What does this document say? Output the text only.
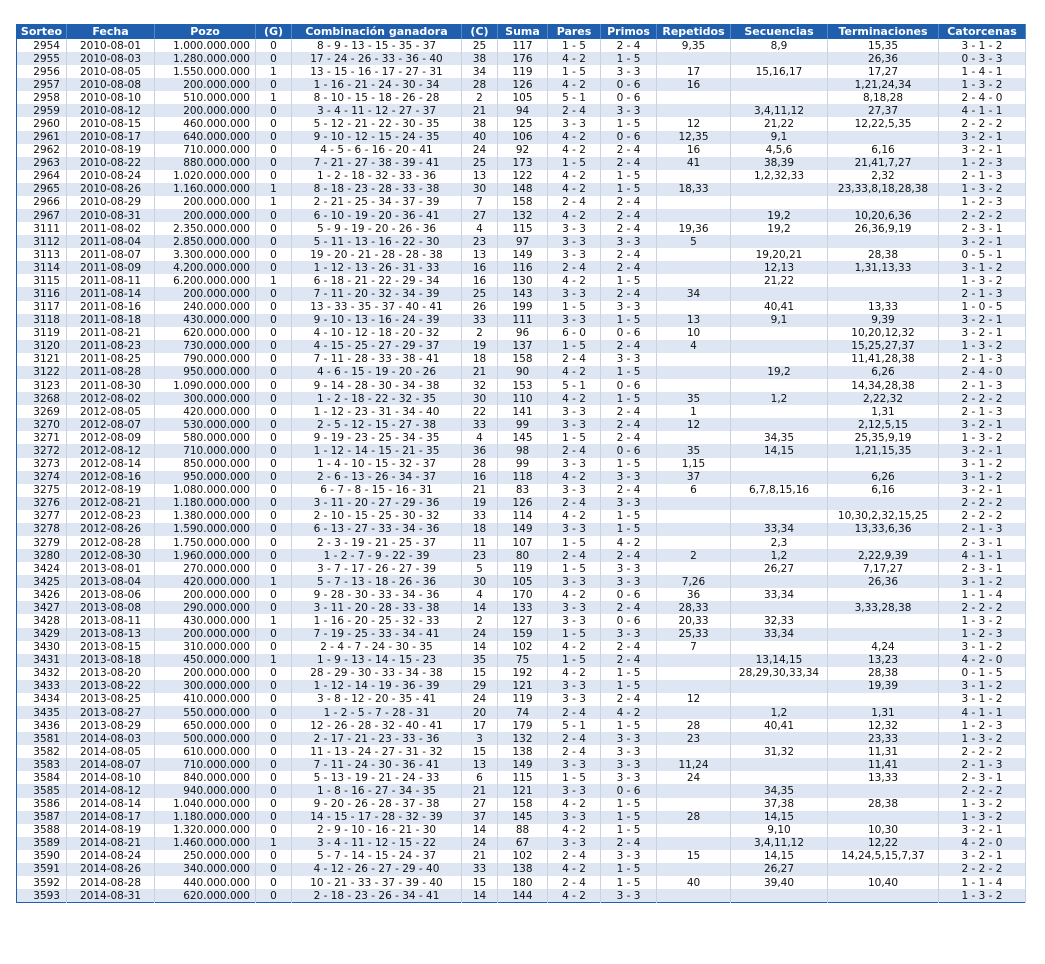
Sorteo	Fecha	Pozo	(G)	Combinación ganadora	(C)	Suma	Pares	Primos	Repetidos	Secuencias	Terminaciones	Catorcenas
2954	2010-08-01	1.000.000.000	0	8 - 9 - 13 - 15 - 35 - 37	25	117	1 - 5	2 - 4	9,35	8,9	15,35	3 - 1 - 2
2955	2010-08-03	1.280.000.000	0	17 - 24 - 26 - 33 - 36 - 40	38	176	4 - 2	1 - 5			26,36	0 - 3 - 3
2956	2010-08-05	1.550.000.000	1	13 - 15 - 16 - 17 - 27 - 31	34	119	1 - 5	3 - 3	17	15,16,17	17,27	1 - 4 - 1
2957	2010-08-08	200.000.000	0	1 - 16 - 21 - 24 - 30 - 34	28	126	4 - 2	0 - 6	16		1,21,24,34	1 - 3 - 2
2958	2010-08-10	510.000.000	1	8 - 10 - 15 - 18 - 26 - 28	2	105	5 - 1	0 - 6			8,18,28	2 - 4 - 0
2959	2010-08-12	200.000.000	0	3 - 4 - 11 - 12 - 27 - 37	21	94	2 - 4	3 - 3		3,4,11,12	27,37	4 - 1 - 1
2960	2010-08-15	460.000.000	0	5 - 12 - 21 - 22 - 30 - 35	38	125	3 - 3	1 - 5	12	21,22	12,22,5,35	2 - 2 - 2
2961	2010-08-17	640.000.000	0	9 - 10 - 12 - 15 - 24 - 35	40	106	4 - 2	0 - 6	12,35	9,1		3 - 2 - 1
2962	2010-08-19	710.000.000	0	4 - 5 - 6 - 16 - 20 - 41	24	92	4 - 2	2 - 4	16	4,5,6	6,16	3 - 2 - 1
2963	2010-08-22	880.000.000	0	7 - 21 - 27 - 38 - 39 - 41	25	173	1 - 5	2 - 4	41	38,39	21,41,7,27	1 - 2 - 3
2964	2010-08-24	1.020.000.000	0	1 - 2 - 18 - 32 - 33 - 36	13	122	4 - 2	1 - 5		1,2,32,33	2,32	2 - 1 - 3
2965	2010-08-26	1.160.000.000	1	8 - 18 - 23 - 28 - 33 - 38	30	148	4 - 2	1 - 5	18,33		23,33,8,18,28,38	1 - 3 - 2
2966	2010-08-29	200.000.000	1	2 - 21 - 25 - 34 - 37 - 39	7	158	2 - 4	2 - 4				1 - 2 - 3
2967	2010-08-31	200.000.000	0	6 - 10 - 19 - 20 - 36 - 41	27	132	4 - 2	2 - 4		19,2	10,20,6,36	2 - 2 - 2
3111	2011-08-02	2.350.000.000	0	5 - 9 - 19 - 20 - 26 - 36	4	115	3 - 3	2 - 4	19,36	19,2	26,36,9,19	2 - 3 - 1
3112	2011-08-04	2.850.000.000	0	5 - 11 - 13 - 16 - 22 - 30	23	97	3 - 3	3 - 3	5			3 - 2 - 1
3113	2011-08-07	3.300.000.000	0	19 - 20 - 21 - 28 - 28 - 38	13	149	3 - 3	2 - 4		19,20,21	28,38	0 - 5 - 1
3114	2011-08-09	4.200.000.000	0	1 - 12 - 13 - 26 - 31 - 33	16	116	2 - 4	2 - 4		12,13	1,31,13,33	3 - 1 - 2
3115	2011-08-11	6.200.000.000	1	6 - 18 - 21 - 22 - 29 - 34	16	130	4 - 2	1 - 5		21,22		1 - 3 - 2
3116	2011-08-14	200.000.000	0	7 - 11 - 20 - 32 - 34 - 39	25	143	3 - 3	2 - 4	34			2 - 1 - 3
3117	2011-08-16	240.000.000	0	13 - 33 - 35 - 37 - 40 - 41	26	199	1 - 5	3 - 3		40,41	13,33	1 - 0 - 5
3118	2011-08-18	430.000.000	0	9 - 10 - 13 - 16 - 24 - 39	33	111	3 - 3	1 - 5	13	9,1	9,39	3 - 2 - 1
3119	2011-08-21	620.000.000	0	4 - 10 - 12 - 18 - 20 - 32	2	96	6 - 0	0 - 6	10		10,20,12,32	3 - 2 - 1
3120	2011-08-23	730.000.000	0	4 - 15 - 25 - 27 - 29 - 37	19	137	1 - 5	2 - 4	4		15,25,27,37	1 - 3 - 2
3121	2011-08-25	790.000.000	0	7 - 11 - 28 - 33 - 38 - 41	18	158	2 - 4	3 - 3			11,41,28,38	2 - 1 - 3
3122	2011-08-28	950.000.000	0	4 - 6 - 15 - 19 - 20 - 26	21	90	4 - 2	1 - 5		19,2	6,26	2 - 4 - 0
3123	2011-08-30	1.090.000.000	0	9 - 14 - 28 - 30 - 34 - 38	32	153	5 - 1	0 - 6			14,34,28,38	2 - 1 - 3
3268	2012-08-02	300.000.000	0	1 - 2 - 18 - 22 - 32 - 35	30	110	4 - 2	1 - 5	35	1,2	2,22,32	2 - 2 - 2
3269	2012-08-05	420.000.000	0	1 - 12 - 23 - 31 - 34 - 40	22	141	3 - 3	2 - 4	1		1,31	2 - 1 - 3
3270	2012-08-07	530.000.000	0	2 - 5 - 12 - 15 - 27 - 38	33	99	3 - 3	2 - 4	12		2,12,5,15	3 - 2 - 1
3271	2012-08-09	580.000.000	0	9 - 19 - 23 - 25 - 34 - 35	4	145	1 - 5	2 - 4		34,35	25,35,9,19	1 - 3 - 2
3272	2012-08-12	710.000.000	0	1 - 12 - 14 - 15 - 21 - 35	36	98	2 - 4	0 - 6	35	14,15	1,21,15,35	3 - 2 - 1
3273	2012-08-14	850.000.000	0	1 - 4 - 10 - 15 - 32 - 37	28	99	3 - 3	1 - 5	1,15			3 - 1 - 2
3274	2012-08-16	950.000.000	0	2 - 6 - 13 - 26 - 34 - 37	16	118	4 - 2	3 - 3	37		6,26	3 - 1 - 2
3275	2012-08-19	1.080.000.000	0	6 - 7 - 8 - 15 - 16 - 31	21	83	3 - 3	2 - 4	6	6,7,8,15,16	6,16	3 - 2 - 1
3276	2012-08-21	1.180.000.000	0	3 - 11 - 20 - 27 - 29 - 36	19	126	2 - 4	3 - 3				2 - 2 - 2
3277	2012-08-23	1.380.000.000	0	2 - 10 - 15 - 25 - 30 - 32	33	114	4 - 2	1 - 5			10,30,2,32,15,25	2 - 2 - 2
3278	2012-08-26	1.590.000.000	0	6 - 13 - 27 - 33 - 34 - 36	18	149	3 - 3	1 - 5		33,34	13,33,6,36	2 - 1 - 3
3279	2012-08-28	1.750.000.000	0	2 - 3 - 19 - 21 - 25 - 37	11	107	1 - 5	4 - 2		2,3		2 - 3 - 1
3280	2012-08-30	1.960.000.000	0	1 - 2 - 7 - 9 - 22 - 39	23	80	2 - 4	2 - 4	2	1,2	2,22,9,39	4 - 1 - 1
3424	2013-08-01	270.000.000	0	3 - 7 - 17 - 26 - 27 - 39	5	119	1 - 5	3 - 3		26,27	7,17,27	2 - 3 - 1
3425	2013-08-04	420.000.000	1	5 - 7 - 13 - 18 - 26 - 36	30	105	3 - 3	3 - 3	7,26		26,36	3 - 1 - 2
3426	2013-08-06	200.000.000	0	9 - 28 - 30 - 33 - 34 - 36	4	170	4 - 2	0 - 6	36	33,34		1 - 1 - 4
3427	2013-08-08	290.000.000	0	3 - 11 - 20 - 28 - 33 - 38	14	133	3 - 3	2 - 4	28,33		3,33,28,38	2 - 2 - 2
3428	2013-08-11	430.000.000	1	1 - 16 - 20 - 25 - 32 - 33	2	127	3 - 3	0 - 6	20,33	32,33		1 - 3 - 2
3429	2013-08-13	200.000.000	0	7 - 19 - 25 - 33 - 34 - 41	24	159	1 - 5	3 - 3	25,33	33,34		1 - 2 - 3
3430	2013-08-15	310.000.000	0	2 - 4 - 7 - 24 - 30 - 35	14	102	4 - 2	2 - 4	7		4,24	3 - 1 - 2
3431	2013-08-18	450.000.000	1	1 - 9 - 13 - 14 - 15 - 23	35	75	1 - 5	2 - 4		13,14,15	13,23	4 - 2 - 0
3432	2013-08-20	200.000.000	0	28 - 29 - 30 - 33 - 34 - 38	15	192	4 - 2	1 - 5		28,29,30,33,34	28,38	0 - 1 - 5
3433	2013-08-22	300.000.000	0	1 - 12 - 14 - 19 - 36 - 39	29	121	3 - 3	1 - 5			19,39	3 - 1 - 2
3434	2013-08-25	410.000.000	0	3 - 8 - 12 - 20 - 35 - 41	24	119	3 - 3	2 - 4	12			3 - 1 - 2
3435	2013-08-27	550.000.000	0	1 - 2 - 5 - 7 - 28 - 31	20	74	2 - 4	4 - 2		1,2	1,31	4 - 1 - 1
3436	2013-08-29	650.000.000	0	12 - 26 - 28 - 32 - 40 - 41	17	179	5 - 1	1 - 5	28	40,41	12,32	1 - 2 - 3
3581	2014-08-03	500.000.000	0	2 - 17 - 21 - 23 - 33 - 36	3	132	2 - 4	3 - 3	23		23,33	1 - 3 - 2
3582	2014-08-05	610.000.000	0	11 - 13 - 24 - 27 - 31 - 32	15	138	2 - 4	3 - 3		31,32	11,31	2 - 2 - 2
3583	2014-08-07	710.000.000	0	7 - 11 - 24 - 30 - 36 - 41	13	149	3 - 3	3 - 3	11,24		11,41	2 - 1 - 3
3584	2014-08-10	840.000.000	0	5 - 13 - 19 - 21 - 24 - 33	6	115	1 - 5	3 - 3	24		13,33	2 - 3 - 1
3585	2014-08-12	940.000.000	0	1 - 8 - 16 - 27 - 34 - 35	21	121	3 - 3	0 - 6		34,35		2 - 2 - 2
3586	2014-08-14	1.040.000.000	0	9 - 20 - 26 - 28 - 37 - 38	27	158	4 - 2	1 - 5		37,38	28,38	1 - 3 - 2
3587	2014-08-17	1.180.000.000	0	14 - 15 - 17 - 28 - 32 - 39	37	145	3 - 3	1 - 5	28	14,15		1 - 3 - 2
3588	2014-08-19	1.320.000.000	0	2 - 9 - 10 - 16 - 21 - 30	14	88	4 - 2	1 - 5		9,10	10,30	3 - 2 - 1
3589	2014-08-21	1.460.000.000	1	3 - 4 - 11 - 12 - 15 - 22	24	67	3 - 3	2 - 4		3,4,11,12	12,22	4 - 2 - 0
3590	2014-08-24	250.000.000	0	5 - 7 - 14 - 15 - 24 - 37	21	102	2 - 4	3 - 3	15	14,15	14,24,5,15,7,37	3 - 2 - 1
3591	2014-08-26	340.000.000	0	4 - 12 - 26 - 27 - 29 - 40	33	138	4 - 2	1 - 5		26,27		2 - 2 - 2
3592	2014-08-28	440.000.000	0	10 - 21 - 33 - 37 - 39 - 40	15	180	2 - 4	1 - 5	40	39,40	10,40	1 - 1 - 4
3593	2014-08-31	620.000.000	0	2 - 18 - 23 - 26 - 34 - 41	14	144	4 - 2	3 - 3				1 - 3 - 2
